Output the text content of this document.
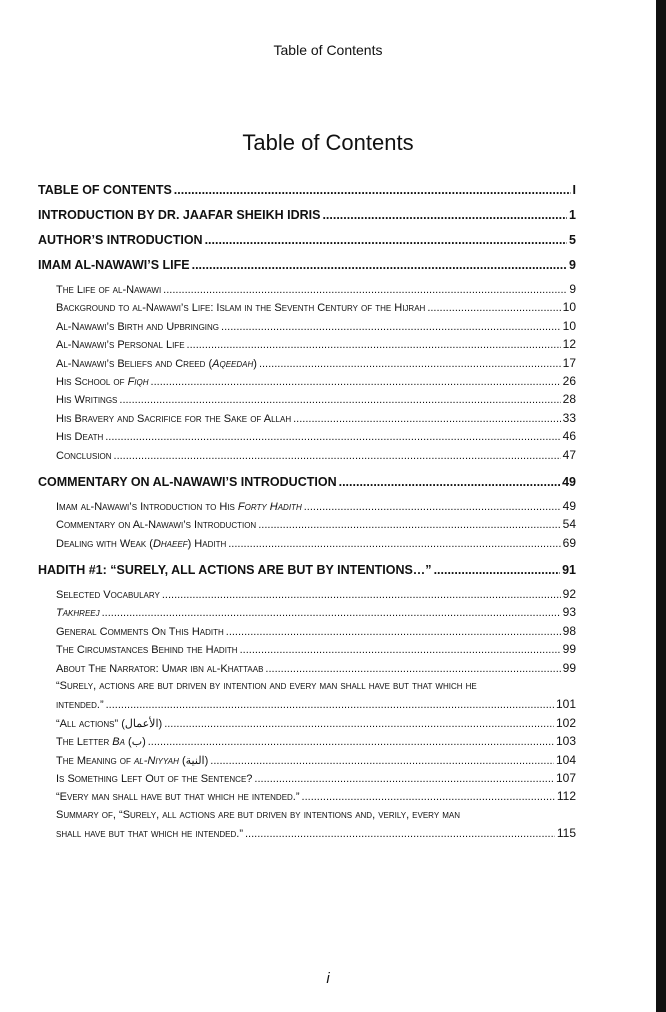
Table of Contents
Table of Contents
TABLE OF CONTENTS .....	I
INTRODUCTION BY DR. JAAFAR SHEIKH IDRIS .....	1
AUTHOR’S INTRODUCTION .....	5
IMAM AL-NAWAWI’S LIFE .....	9
The Life of al-Nawawi .....	9
Background to al-Nawawi’s Life: Islam in the Seventh Century of the Hijrah .....	10
Al-Nawawi’s Birth and Upbringing .....	10
Al-Nawawi’s Personal Life .....	12
Al-Nawawi’s Beliefs and Creed (Aqeedah) .....	17
His School of Fiqh .....	26
His Writings .....	28
His Bravery and Sacrifice for the Sake of Allah .....	33
His Death .....	46
Conclusion .....	47
COMMENTARY ON AL-NAWAWI’S INTRODUCTION .....	49
Imam al-Nawawi’s Introduction to His Forty Hadith .....	49
Commentary on Al-Nawawi’s Introduction .....	54
Dealing with Weak (Dhaeef) Hadith .....	69
HADITH #1: “SURELY, ALL ACTIONS ARE BUT BY INTENTIONS…” .....	91
Selected Vocabulary .....	92
Takhreej .....	93
General Comments On This Hadith .....	98
The Circumstances Behind the Hadith .....	99
About The Narrator: Umar ibn al-Khattaab .....	99
“Surely, actions are but driven by intention and every man shall have but that which he
intended.” .....	101
“All actions” (الأعمال) .....	102
The Letter Ba (ب) .....	103
The Meaning of al-Niyyah (النية) .....	104
Is Something Left Out of the Sentence? .....	107
“Every man shall have but that which he intended.” .....	112
Summary of, “Surely, all actions are but driven by intentions and, verily, every man
shall have but that which he intended.” .....	115
i
